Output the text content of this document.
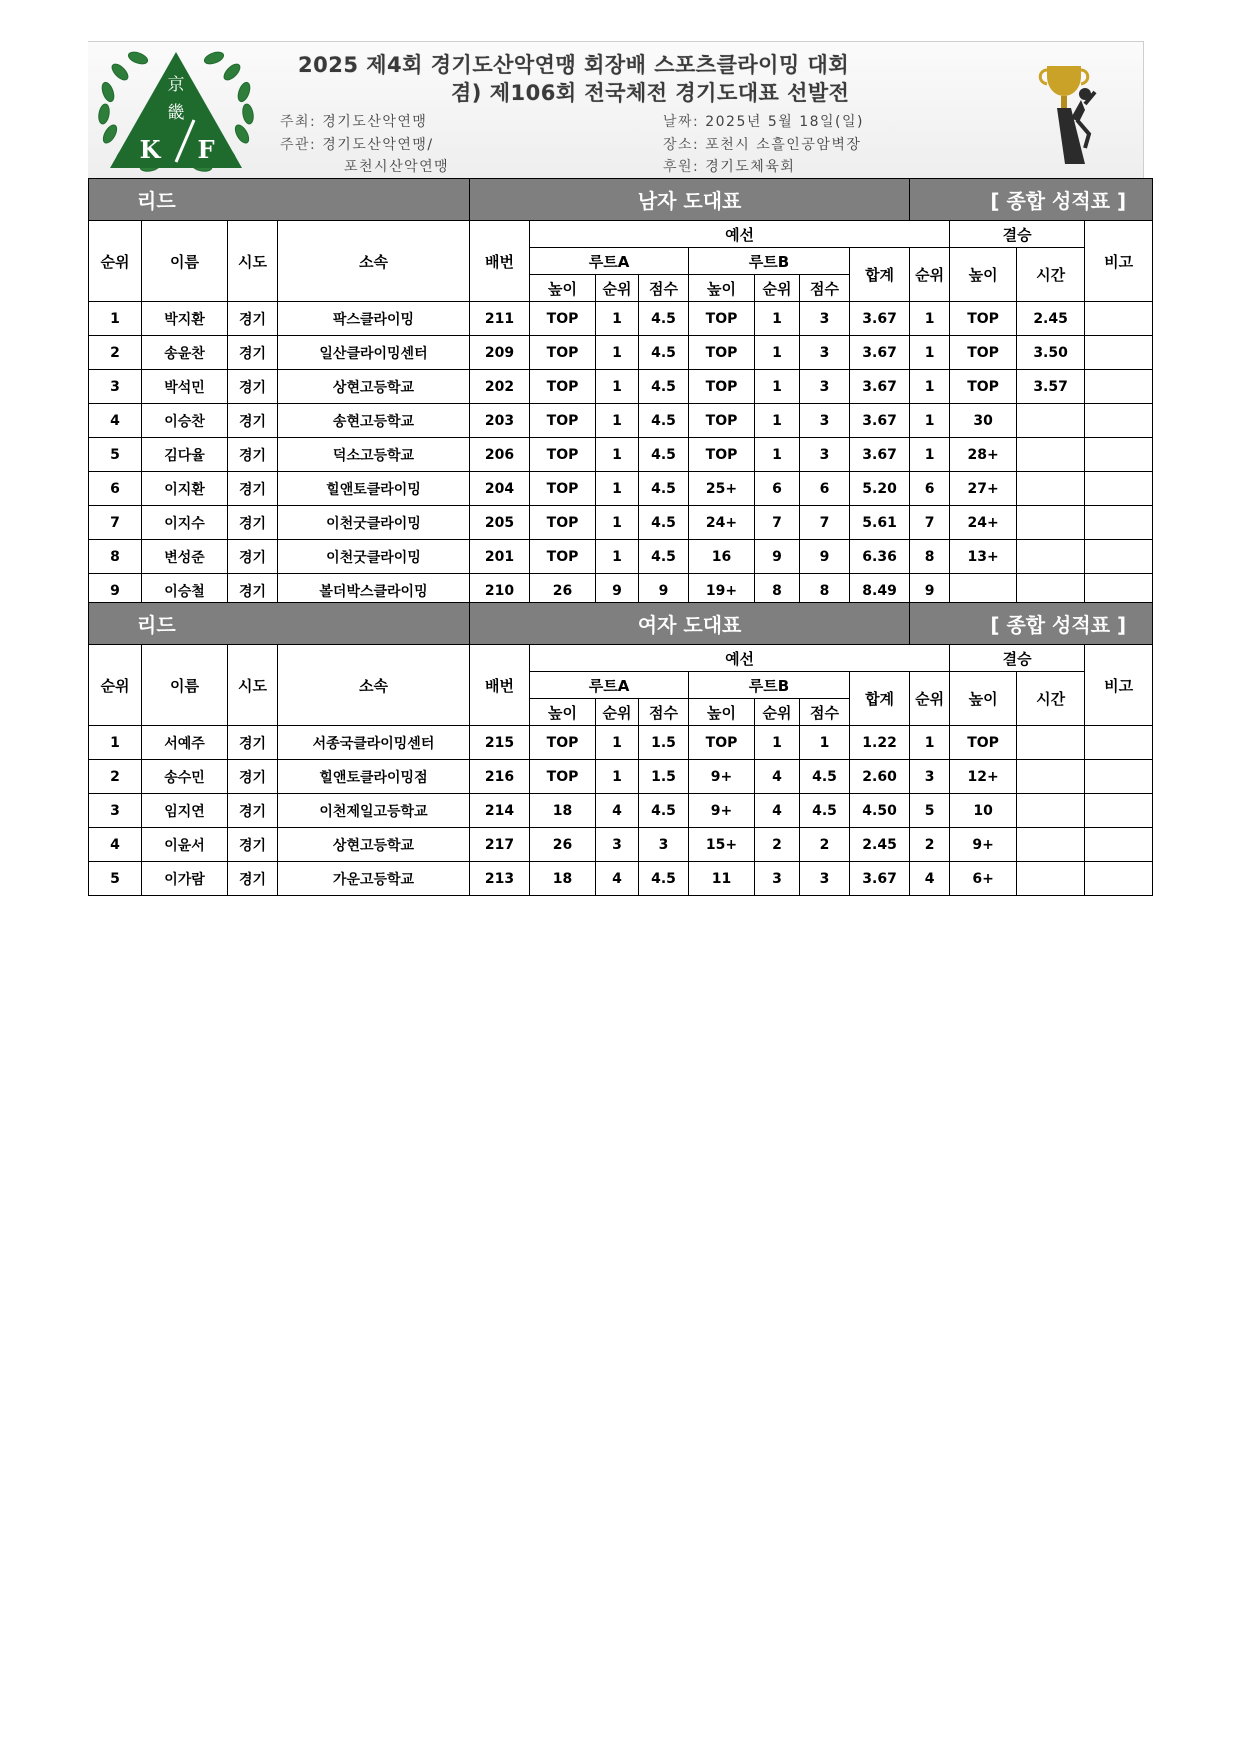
京
畿
K F
2025 제4회 경기도산악연맹 회장배 스포츠클라이밍 대회
겸) 제106회 전국체전 경기도대표 선발전
주최: 경기도산악연맹
주관: 경기도산악연맹/
포천시산악연맹
날짜: 2025년 5월 18일(일)
장소: 포천시 소흘인공암벽장
후원: 경기도체육회
리드				남자 도대표								[ 종합 성적표 ]			
순위	이름	시도	소속	배번	예선								결승		비고
					루트A			루트B			합계	순위	높이	시간	
					높이	순위	점수	높이	순위	점수					
1	박지환	경기	팍스클라이밍	211	TOP	1	4.5	TOP	1	3	3.67	1	TOP	2.45	
2	송윤찬	경기	일산클라이밍센터	209	TOP	1	4.5	TOP	1	3	3.67	1	TOP	3.50	
3	박석민	경기	상현고등학교	202	TOP	1	4.5	TOP	1	3	3.67	1	TOP	3.57	
4	이승찬	경기	송현고등학교	203	TOP	1	4.5	TOP	1	3	3.67	1	30		
5	김다율	경기	덕소고등학교	206	TOP	1	4.5	TOP	1	3	3.67	1	28+		
6	이지환	경기	힐앤토클라이밍	204	TOP	1	4.5	25+	6	6	5.20	6	27+		
7	이지수	경기	이천굿클라이밍	205	TOP	1	4.5	24+	7	7	5.61	7	24+		
8	변성준	경기	이천굿클라이밍	201	TOP	1	4.5	16	9	9	6.36	8	13+		
9	이승철	경기	볼더박스클라이밍	210	26	9	9	19+	8	8	8.49	9			
리드				여자 도대표								[ 종합 성적표 ]			
순위	이름	시도	소속	배번	예선								결승		비고
					루트A			루트B			합계	순위	높이	시간	
					높이	순위	점수	높이	순위	점수					
1	서예주	경기	서종국클라이밍센터	215	TOP	1	1.5	TOP	1	1	1.22	1	TOP		
2	송수민	경기	힐앤토클라이밍점	216	TOP	1	1.5	9+	4	4.5	2.60	3	12+		
3	임지연	경기	이천제일고등학교	214	18	4	4.5	9+	4	4.5	4.50	5	10		
4	이윤서	경기	상현고등학교	217	26	3	3	15+	2	2	2.45	2	9+		
5	이가람	경기	가운고등학교	213	18	4	4.5	11	3	3	3.67	4	6+		
